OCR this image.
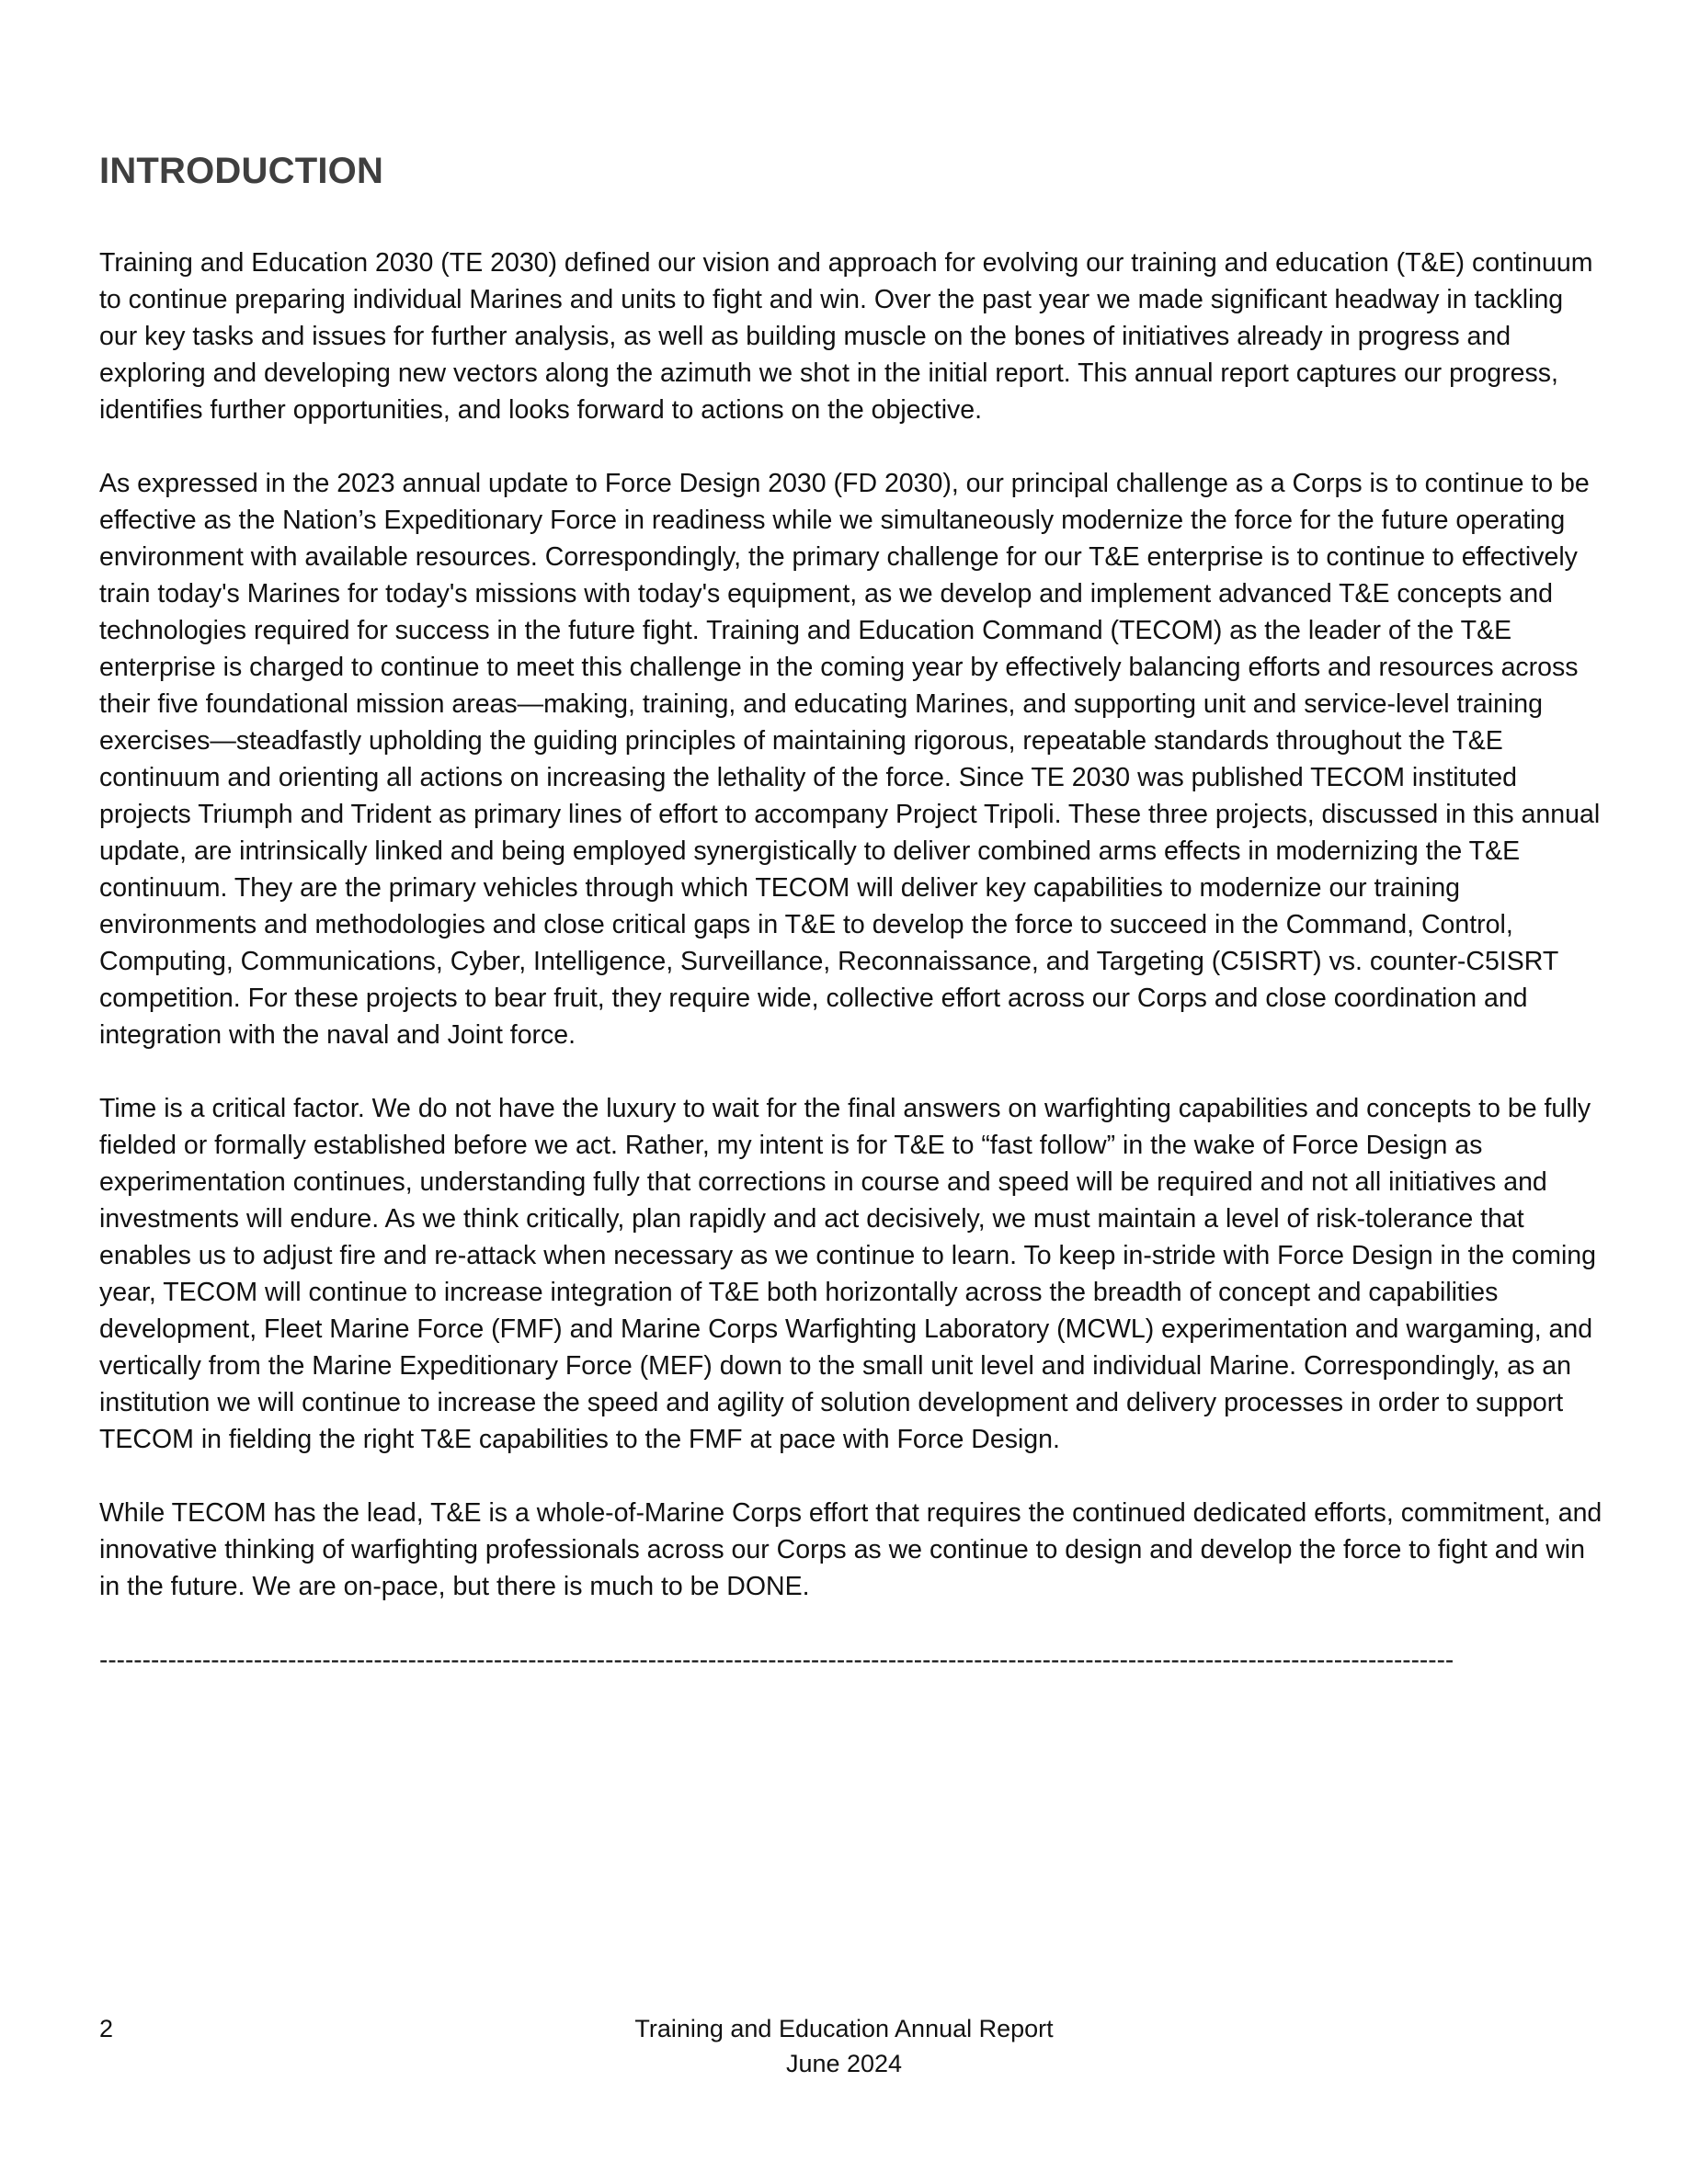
INTRODUCTION

Training and Education 2030 (TE 2030) defined our vision and approach for evolving our training and education (T&E) continuum to continue preparing individual Marines and units to fight and win. Over the past year we made significant headway in tackling our key tasks and issues for further analysis, as well as building muscle on the bones of initiatives already in progress and exploring and developing new vectors along the azimuth we shot in the initial report. This annual report captures our progress, identifies further opportunities, and looks forward to actions on the objective.

As expressed in the 2023 annual update to Force Design 2030 (FD 2030), our principal challenge as a Corps is to continue to be effective as the Nation’s Expeditionary Force in readiness while we simultaneously modernize the force for the future operating environment with available resources. Correspondingly, the primary challenge for our T&E enterprise is to continue to effectively train today's Marines for today's missions with today's equipment, as we develop and implement advanced T&E concepts and technologies required for success in the future fight. Training and Education Command (TECOM) as the leader of the T&E enterprise is charged to continue to meet this challenge in the coming year by effectively balancing efforts and resources across their five foundational mission areas—making, training, and educating Marines, and supporting unit and service-level training exercises—steadfastly upholding the guiding principles of maintaining rigorous, repeatable standards throughout the T&E continuum and orienting all actions on increasing the lethality of the force. Since TE 2030 was published TECOM instituted projects Triumph and Trident as primary lines of effort to accompany Project Tripoli. These three projects, discussed in this annual update, are intrinsically linked and being employed synergistically to deliver combined arms effects in modernizing the T&E continuum. They are the primary vehicles through which TECOM will deliver key capabilities to modernize our training environments and methodologies and close critical gaps in T&E to develop the force to succeed in the Command, Control, Computing, Communications, Cyber, Intelligence, Surveillance, Reconnaissance, and Targeting (C5ISRT) vs. counter-C5ISRT competition. For these projects to bear fruit, they require wide, collective effort across our Corps and close coordination and integration with the naval and Joint force.

Time is a critical factor. We do not have the luxury to wait for the final answers on warfighting capabilities and concepts to be fully fielded or formally established before we act. Rather, my intent is for T&E to “fast follow” in the wake of Force Design as experimentation continues, understanding fully that corrections in course and speed will be required and not all initiatives and investments will endure. As we think critically, plan rapidly and act decisively, we must maintain a level of risk-tolerance that enables us to adjust fire and re-attack when necessary as we continue to learn. To keep in-stride with Force Design in the coming year, TECOM will continue to increase integration of T&E both horizontally across the breadth of concept and capabilities development, Fleet Marine Force (FMF) and Marine Corps Warfighting Laboratory (MCWL) experimentation and wargaming, and vertically from the Marine Expeditionary Force (MEF) down to the small unit level and individual Marine. Correspondingly, as an institution we will continue to increase the speed and agility of solution development and delivery processes in order to support TECOM in fielding the right T&E capabilities to the FMF at pace with Force Design.

While TECOM has the lead, T&E is a whole-of-Marine Corps effort that requires the continued dedicated efforts, commitment, and innovative thinking of warfighting professionals across our Corps as we continue to design and develop the force to fight and win in the future. We are on-pace, but there is much to be DONE.

--------------------------------------------------------------------------------------------------------------------------------------------------------------

2	Training and Education Annual Report
June 2024
